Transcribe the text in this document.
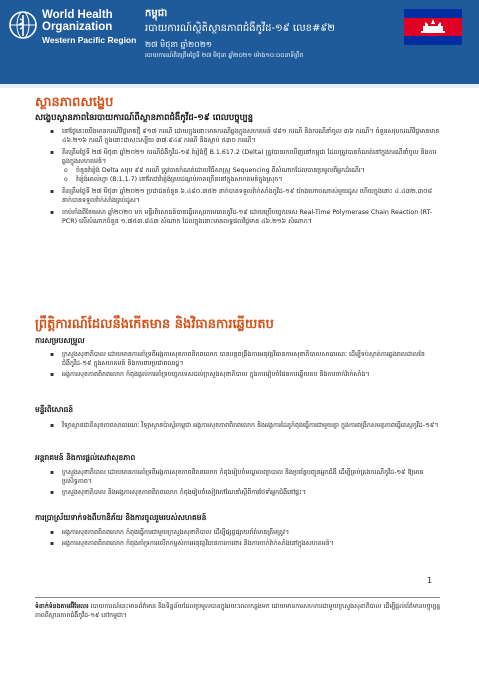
World Health
Organization
Western Pacific Region
កម្ពុជា
របាយការណ៍ស្ថិតិស្ថានភាពជំងឺកូវីដ-១៩ លេខ#៩២
២៧ មិថុនា ឆ្នាំ២០២១
របាយការណ៍គិតត្រឹមថ្ងៃទី ២៧ មិថុនា ឆ្នាំ២០២១ ម៉ោង១០:០០នាទីព្រឹក
ស្ថានភាពសង្ខេប
សង្ខេបស្ថានភាពនៃរបាយការណ៍ពីស្ថានភាពជំងឺកូវីដ-១៩ ពេលបច្ចុប្បន្ន
▪ នៅថ្ងៃនេះយើងមានករណីវិជ្ជមានថ្មី ៩១៧ ករណី ដោយក្នុងនោះមានករណីឆ្លងក្នុងសហគមន៍ ៨៨១ ករណី និងករណីនាំចូល ៣៦ ករណី។ ចំនួនសរុបករណីវិជ្ជមានមាន ៤៦.២១៦ ករណី ក្នុងនោះជាសះស្បើយ ៣៧.៩៤៩ ករណី និងស្លាប់ ៥៣០ ករណី។
▪ គិតត្រឹមថ្ងៃទី ២៧ មិថុនា ឆ្នាំ២០២១ ករណីជំងឺកូវីដ-១៩ វ៉ារ្យ៉ង់ថ្មី B.1.617.2 (Delta) ត្រូវបានរកឃើញនៅកម្ពុជា ដែលត្រូវបានកំណត់នៅក្នុងករណីនាំចូល និងការឆ្លងក្នុងសហគមន៍។
o ចំនួនវ៉ារ្យ៉ង់ Delta សរុប ៩៩ ករណី ត្រូវបានកំណត់ដោយវិធីសាស្ត្រ Sequencing ពីសំណាកដែលបានប្រមូលពីអ្នកដំណើរ។
o វ៉ារ្យ៉ង់អាល់ហ្វា (B.1.1.7) នៅតែជាវ៉ារ្យ៉ង់គ្របដណ្តប់ភាគច្រើននៅក្នុងសហគមន៍ក្នុងស្រុក។
▪ គិតត្រឹមថ្ងៃទី ២៧ មិថុនា ឆ្នាំ២០២១ ប្រជាជនចំនួន ៦.៤៨០.៣៥២ នាក់បានទទួលវ៉ាក់សាំងកូវីដ-១៩ យ៉ាងហោចណាស់មួយដូស ហើយក្នុងនោះ ៤.៤៣២.៣០៨ នាក់បានទទួលវ៉ាក់សាំងគ្រប់ដូស។
▪ ចាប់តាំងពីខែមេសា ឆ្នាំ២០២០ មក មន្ទីរពិសោធន៍បានធ្វើតេស្តរកមេរោគកូវីដ-១៩ ដោយប្រើបច្ចេកទេស Real-Time Polymerase Chain Reaction (RT-PCR) លើសំណាកចំនួន ១.៧៥៣.៨៤៣ សំណាក ដែលក្នុងនោះមានលទ្ធផលវិជ្ជមាន ៤៦.២១៦ សំណាក។
ព្រឹត្តិការណ៍ដែលនឹងកើតមាន និងវិធានការឆ្លើយតប
ការសម្របសម្រួល
▪ ក្រសួងសុខាភិបាល ដោយមានការគាំទ្រពីអង្គការសុខភាពពិភពលោក បានបន្តពង្រឹងការអនុវត្តវិធានការសុខាភិបាលសាធារណៈ ដើម្បីទប់ស្កាត់ការឆ្លងរាលដាលនៃជំងឺកូវីដ-១៩ ក្នុងសហគមន៍ និងការពារប្រជាពលរដ្ឋ។
▪ អង្គការសុខភាពពិភពលោក កំពុងផ្តល់ការគាំទ្របច្ចេកទេសដល់ក្រសួងសុខាភិបាល ក្នុងការរៀបចំផែនការឆ្លើយតប និងការចាក់វ៉ាក់សាំង។
មន្ទីរពិសោធន៍
▪ វិទ្យាស្ថានជាតិសុខភាពសាធារណៈ វិទ្យាស្ថានប៉ាស្ទ័រកម្ពុជា អង្គការសុខភាពពិភពលោក និងអង្គការដៃគូកំពុងធ្វើការជាមួយគ្នា ក្នុងការពង្រីកសមត្ថភាពធ្វើតេស្តកូវីដ-១៩។
អន្តរាគមន៍ និងការផ្តល់សេវាសុខភាព
▪ ក្រសួងសុខាភិបាល ដោយមានការគាំទ្រពីអង្គការសុខភាពពិភពលោក កំពុងរៀបចំមណ្ឌលព្យាបាល និងប្រព័ន្ធបញ្ជូនអ្នកជំងឺ ដើម្បីគ្រប់គ្រងករណីកូវីដ-១៩ ឱ្យមានប្រសិទ្ធភាព។
▪ ក្រសួងសុខាភិបាល និងអង្គការសុខភាពពិភពលោក កំពុងរៀបចំសៀវភៅណែនាំស្តីពីការថែទាំអ្នកជំងឺនៅផ្ទះ។
ការប្រាស្រ័យទាក់ទងពីហានិភ័យ និងការចូលរួមរបស់សហគមន៍
▪ អង្គការសុខភាពពិភពលោក កំពុងធ្វើការជាមួយក្រសួងសុខាភិបាល ដើម្បីផ្សព្វផ្សាយព័ត៌មានត្រឹមត្រូវ។
▪ អង្គការសុខភាពពិភពលោក កំពុងគាំទ្រការលើកកម្ពស់ការអនុវត្តវិធានការការពារ និងការចាក់វ៉ាក់សាំងនៅក្នុងសហគមន៍។
1
ទំនាក់ទំនងតាមអ៊ីមែល៖ របាយការណ៍នេះមានព័ត៌មាន និងទិន្នន័យដែលប្រមូលបានក្នុងរយៈពេលកន្លងមក ដោយមានការសហការជាមួយក្រសួងសុខាភិបាល ដើម្បីផ្តល់ព័ត៌មានបច្ចុប្បន្នភាពពីស្ថានភាពជំងឺកូវីដ-១៩ នៅកម្ពុជា។
